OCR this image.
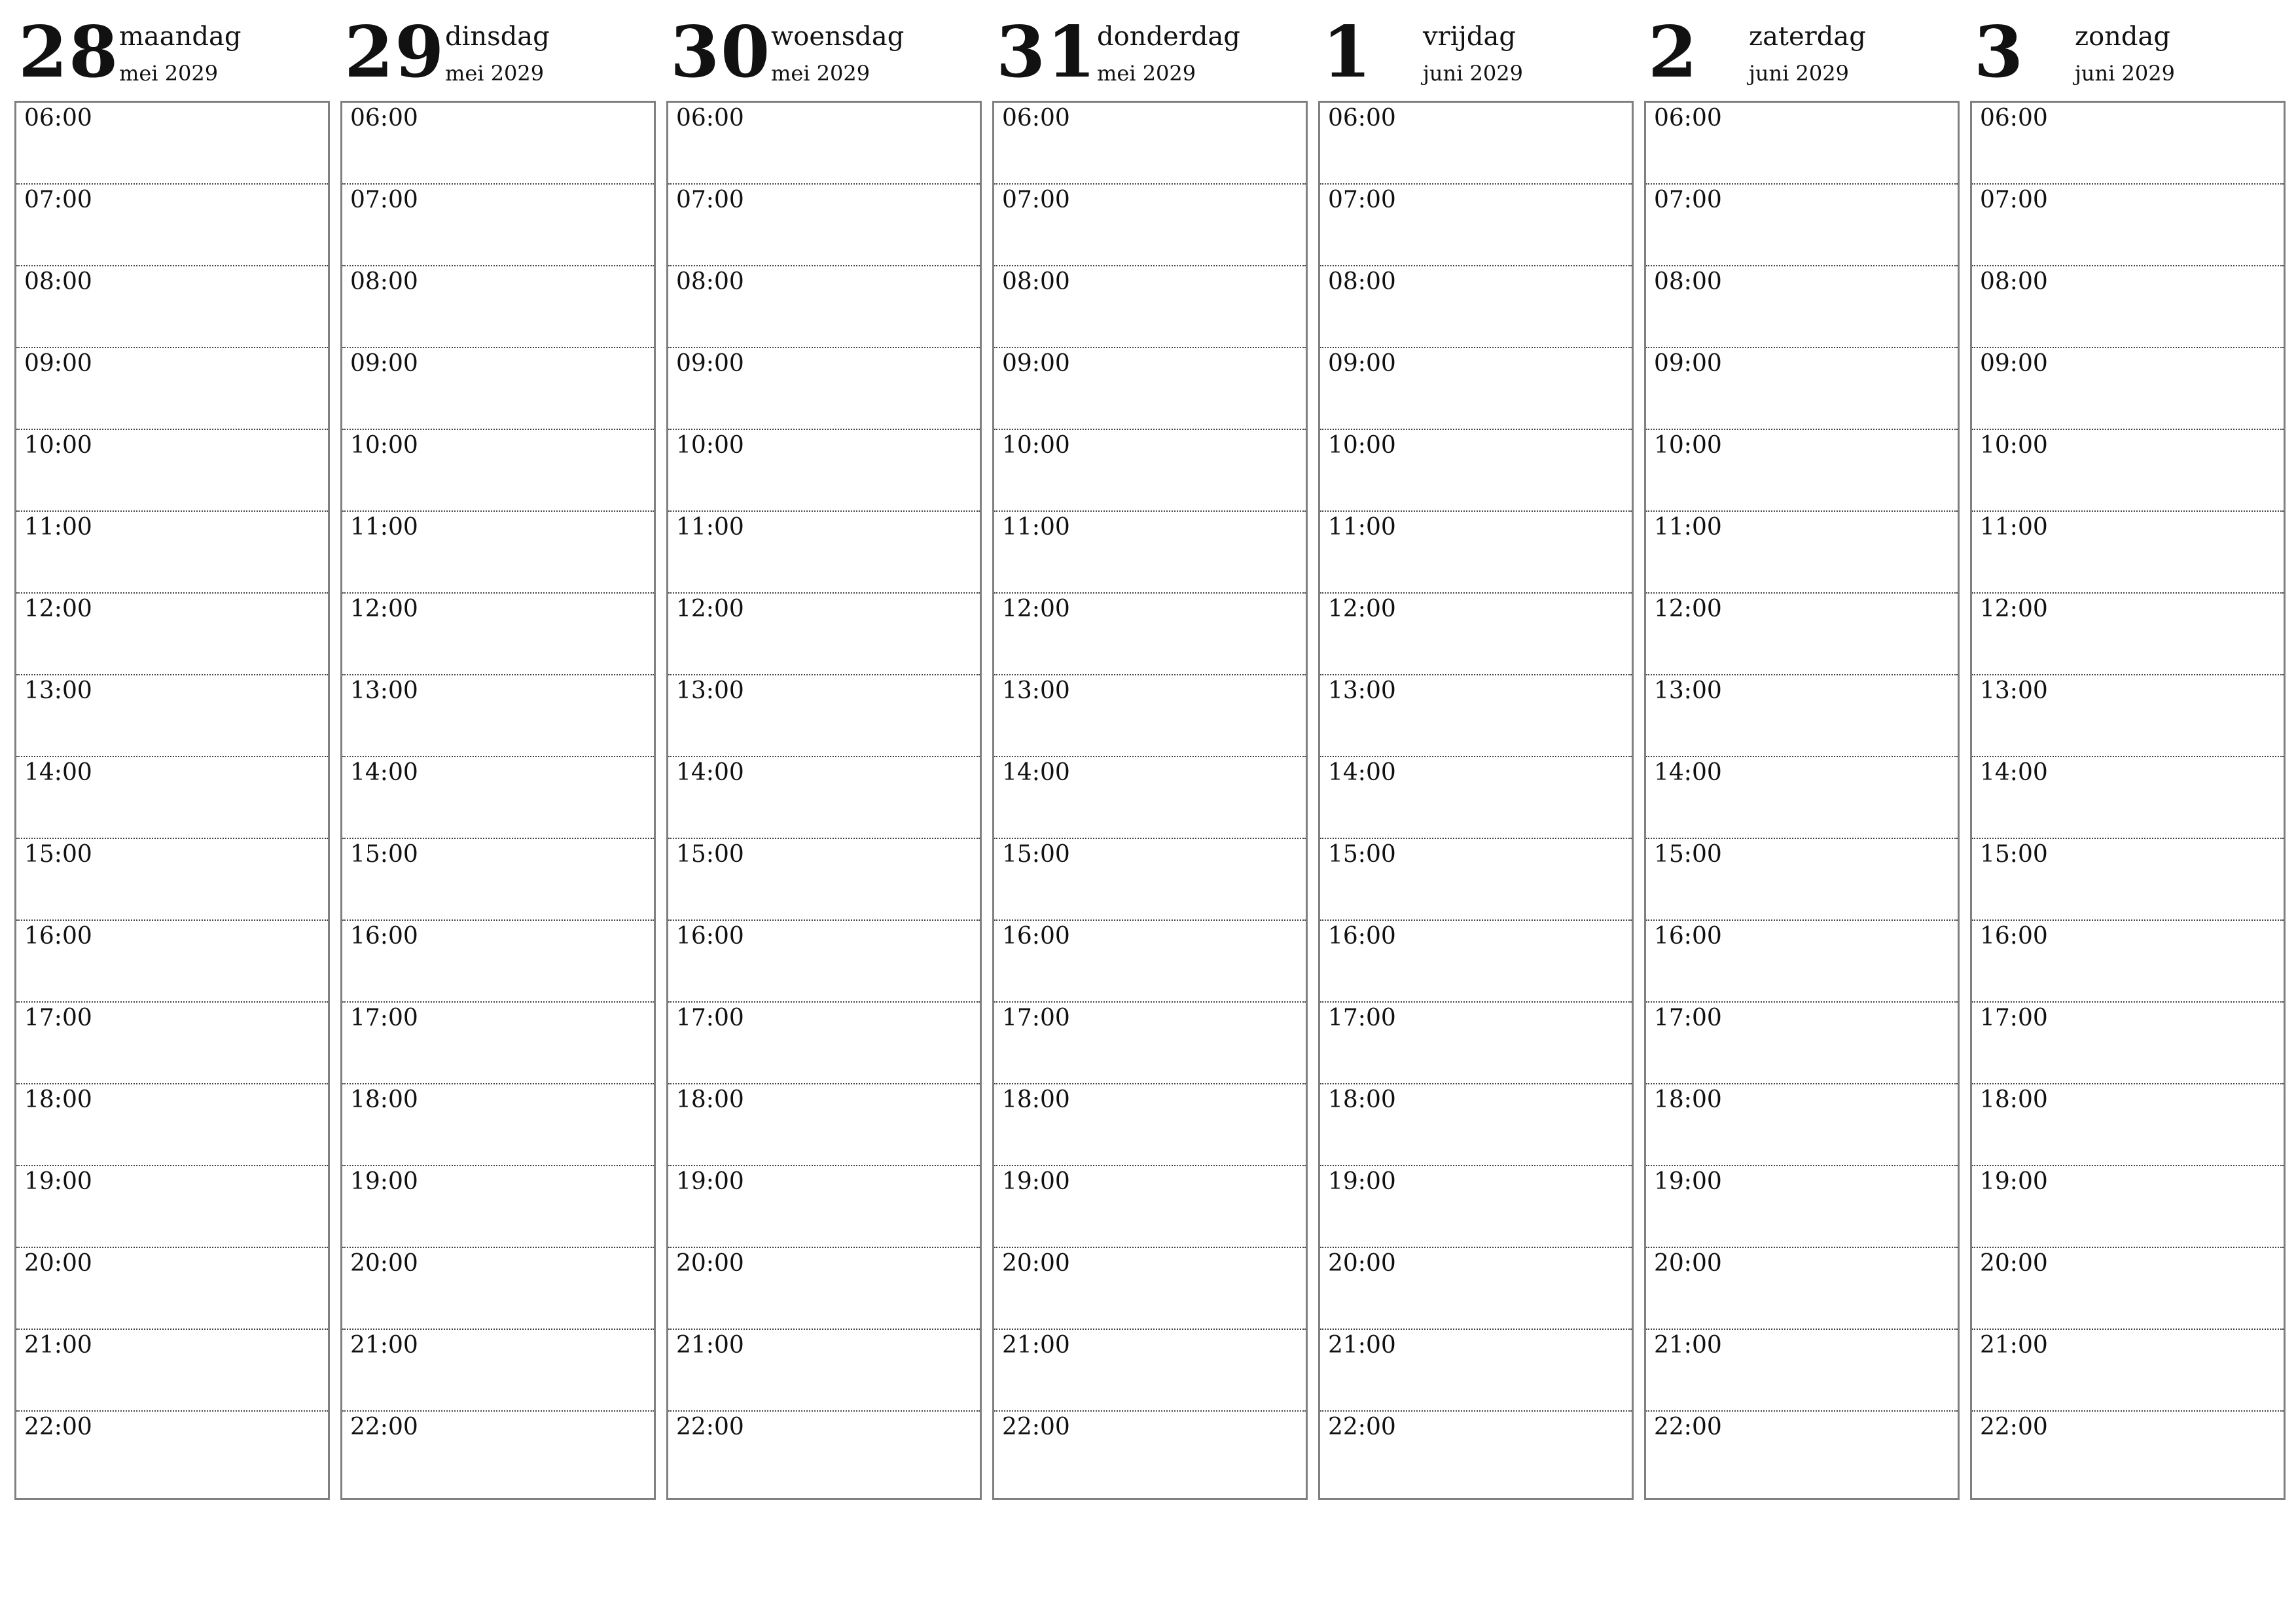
28 maandag
mei 2029
06:00
07:00
08:00
09:00
10:00
11:00
12:00
13:00
14:00
15:00
16:00
17:00
18:00
19:00
20:00
21:00
22:00
29 dinsdag
mei 2029
06:00
07:00
08:00
09:00
10:00
11:00
12:00
13:00
14:00
15:00
16:00
17:00
18:00
19:00
20:00
21:00
22:00
30 woensdag
mei 2029
06:00
07:00
08:00
09:00
10:00
11:00
12:00
13:00
14:00
15:00
16:00
17:00
18:00
19:00
20:00
21:00
22:00
31 donderdag
mei 2029
06:00
07:00
08:00
09:00
10:00
11:00
12:00
13:00
14:00
15:00
16:00
17:00
18:00
19:00
20:00
21:00
22:00
1 vrijdag
juni 2029
06:00
07:00
08:00
09:00
10:00
11:00
12:00
13:00
14:00
15:00
16:00
17:00
18:00
19:00
20:00
21:00
22:00
2 zaterdag
juni 2029
06:00
07:00
08:00
09:00
10:00
11:00
12:00
13:00
14:00
15:00
16:00
17:00
18:00
19:00
20:00
21:00
22:00
3 zondag
juni 2029
06:00
07:00
08:00
09:00
10:00
11:00
12:00
13:00
14:00
15:00
16:00
17:00
18:00
19:00
20:00
21:00
22:00
